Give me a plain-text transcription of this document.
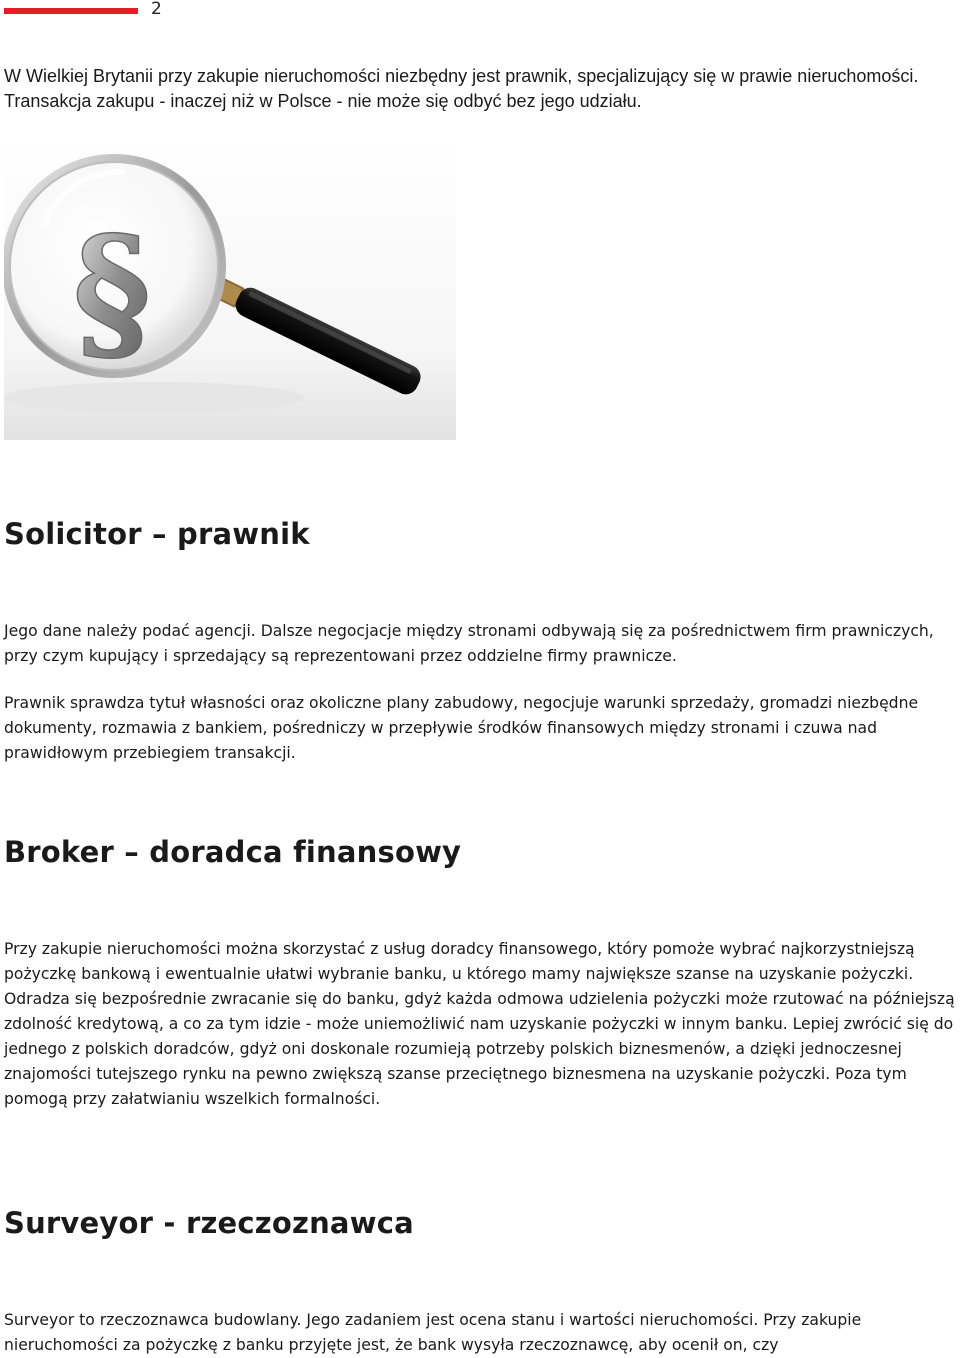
2

W Wielkiej Brytanii przy zakupie nieruchomości niezbędny jest prawnik, specjalizujący się w prawie nieruchomości. Transakcja zakupu - inaczej niż w Polsce - nie może się odbyć bez jego udziału.

§
Solicitor – prawnik

Jego dane należy podać agencji. Dalsze negocjacje między stronami odbywają się za pośrednictwem firm prawniczych, przy czym kupujący i sprzedający są reprezentowani przez oddzielne firmy prawnicze.

Prawnik sprawdza tytuł własności oraz okoliczne plany zabudowy, negocjuje warunki sprzedaży, gromadzi niezbędne dokumenty, rozmawia z bankiem, pośredniczy w przepływie środków finansowych między stronami i czuwa nad prawidłowym przebiegiem transakcji.

Broker – doradca finansowy

Przy zakupie nieruchomości można skorzystać z usług doradcy finansowego, który pomoże wybrać najkorzystniejszą pożyczkę bankową i ewentualnie ułatwi wybranie banku, u którego mamy największe szanse na uzyskanie pożyczki. Odradza się bezpośrednie zwracanie się do banku, gdyż każda odmowa udzielenia pożyczki może rzutować na późniejszą zdolność kredytową, a co za tym idzie - może uniemożliwić nam uzyskanie pożyczki w innym banku. Lepiej zwrócić się do jednego z polskich doradców, gdyż oni doskonale rozumieją potrzeby polskich biznesmenów, a dzięki jednoczesnej znajomości tutejszego rynku na pewno zwiększą szanse przeciętnego biznesmena na uzyskanie pożyczki. Poza tym pomogą przy załatwianiu wszelkich formalności.

Surveyor - rzeczoznawca

Surveyor to rzeczoznawca budowlany. Jego zadaniem jest ocena stanu i wartości nieruchomości. Przy zakupie nieruchomości za pożyczkę z banku przyjęte jest, że bank wysyła rzeczoznawcę, aby ocenił on, czy
